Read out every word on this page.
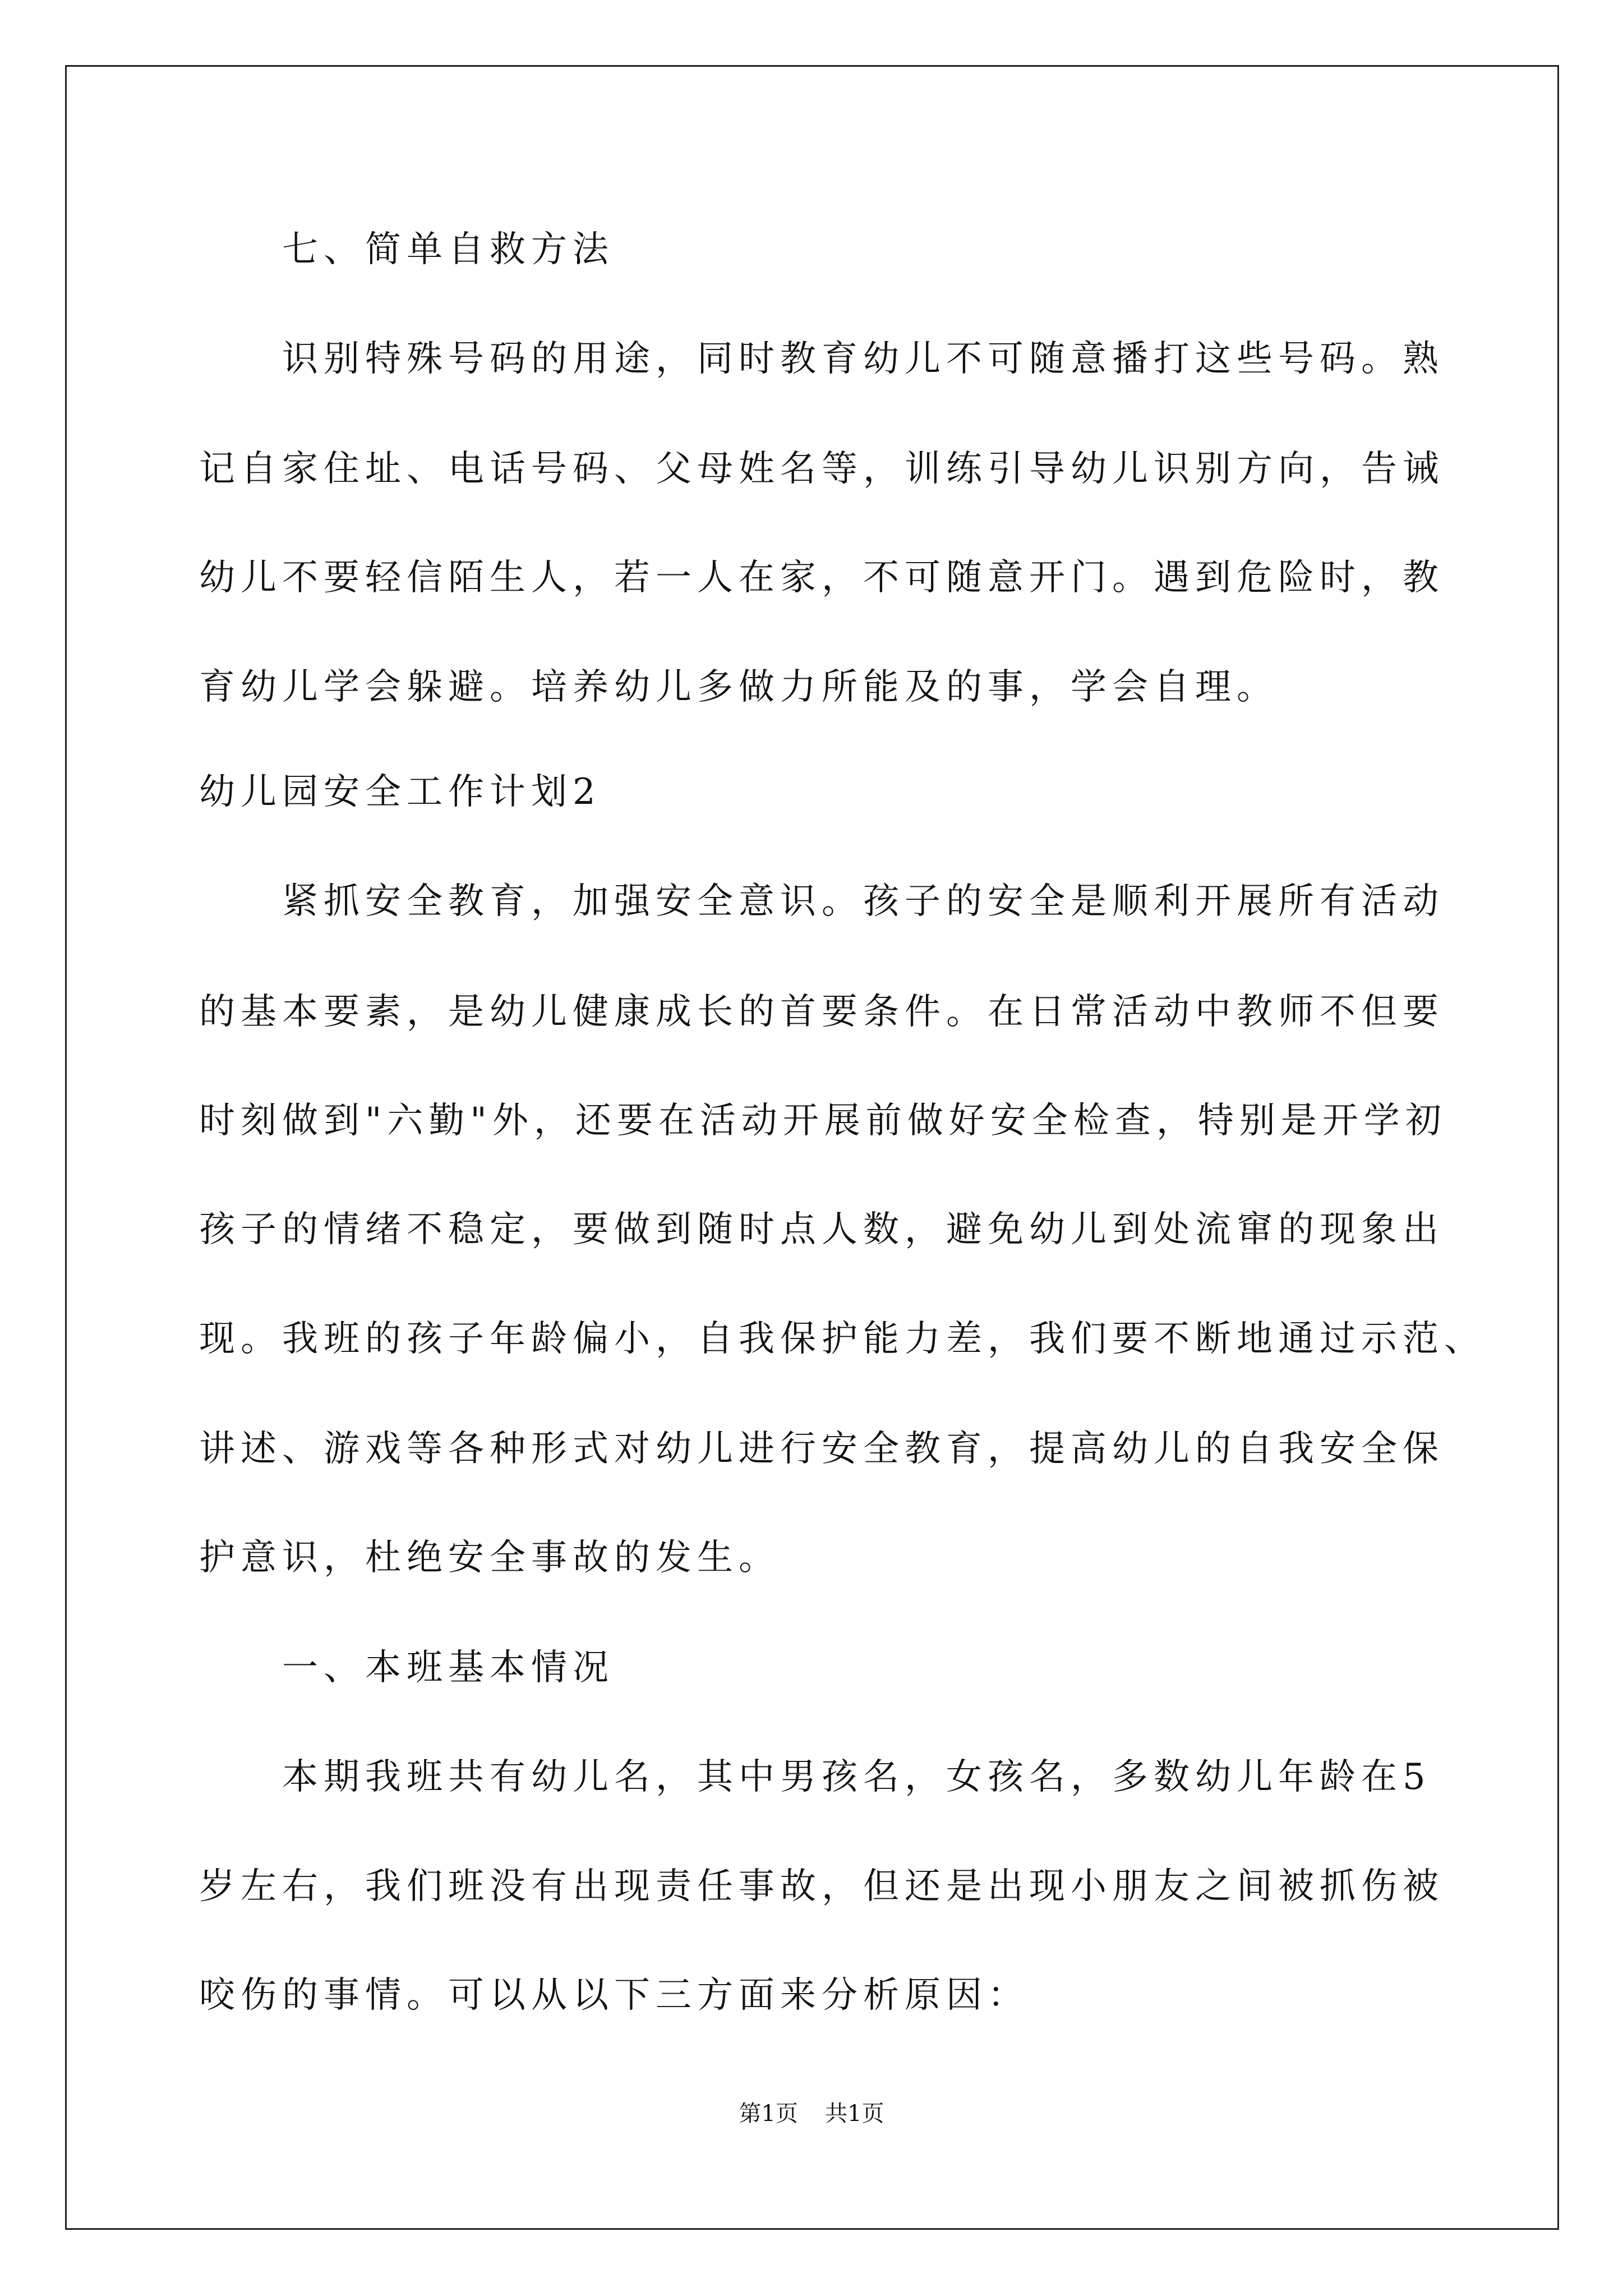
七、简单自救方法
识别特殊号码的用途，同时教育幼儿不可随意播打这些号码。熟
记自家住址、电话号码、父母姓名等，训练引导幼儿识别方向，告诫
幼儿不要轻信陌生人，若一人在家，不可随意开门。遇到危险时，教
育幼儿学会躲避。培养幼儿多做力所能及的事，学会自理。
幼儿园安全工作计划2
紧抓安全教育，加强安全意识。孩子的安全是顺利开展所有活动
的基本要素，是幼儿健康成长的首要条件。在日常活动中教师不但要
时刻做到"六勤"外，还要在活动开展前做好安全检查，特别是开学初
孩子的情绪不稳定，要做到随时点人数，避免幼儿到处流窜的现象出
现。我班的孩子年龄偏小，自我保护能力差，我们要不断地通过示范、
讲述、游戏等各种形式对幼儿进行安全教育，提高幼儿的自我安全保
护意识，杜绝安全事故的发生。
一、本班基本情况
本期我班共有幼儿名，其中男孩名，女孩名，多数幼儿年龄在5
岁左右，我们班没有出现责任事故，但还是出现小朋友之间被抓伤被
咬伤的事情。可以从以下三方面来分析原因：
第1页 共1页
